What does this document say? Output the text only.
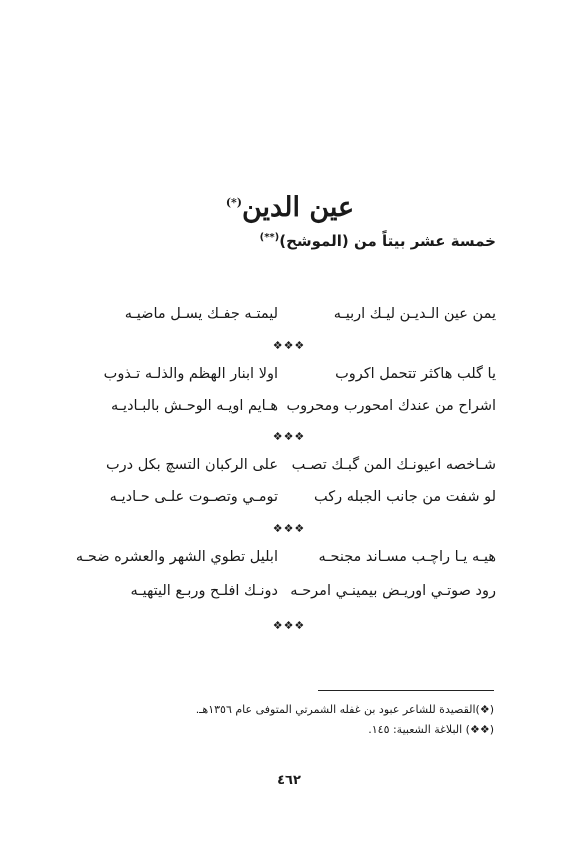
عين الدين(*)
خمسة عشر بيتاً من (الموشح)(**)
يمن عين الـديـن ليـك اربيـه
ليمتـه جفـك يسـل ماضيـه
❖❖❖
يا گلب هاكثر تتحمل اكروب
اولا ابنار الهظم والذلـه تـذوب
اشراح من عندك امحورب ومحروب
هـايم اويـه الوحـش بالبـاديـه
❖❖❖
شـاخصه اعيونـك المن گبـك تصـب
على الركبان التسچ بكل درب
لو شفت من جانب الجبله ركب
تومـي وتصـوت علـى حـاديـه
❖❖❖
هيـه يـا راچـب مسـاند مجنحـه
ابليل تطوي الشهر والعشره ضحـه
رود صوتـي اوريـض بيمينـي امرحـه
دونـك افلـح وربـع اليتهيـه
❖❖❖
(❖)القصيدة للشاعر عبود بن غفله الشمرتي المتوفى عام ١٣٥٦هـ.
(❖❖) البلاغة الشعبية: ١٤٥.
٤٦٢
